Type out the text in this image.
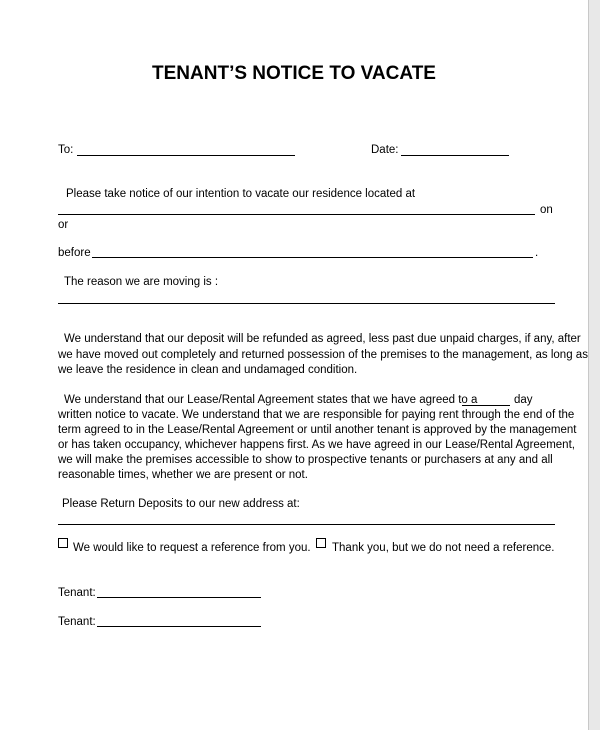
TENANT’S NOTICE TO VACATE
To:	Date:
Please take notice of our intention to vacate our residence located at
on
or
before	.
The reason we are moving is :
We understand that our deposit will be refunded as agreed, less past due unpaid charges, if any, after
we have moved out completely and returned possession of the premises to the management, as long as
we leave the residence in clean and undamaged condition.
We understand that our Lease/Rental Agreement states that we have agreed to a	day
written notice to vacate. We understand that we are responsible for paying rent through the end of the
term agreed to in the Lease/Rental Agreement or until another tenant is approved by the management
or has taken occupancy, whichever happens first. As we have agreed in our Lease/Rental Agreement,
we will make the premises accessible to show to prospective tenants or purchasers at any and all
reasonable times, whether we are present or not.
Please Return Deposits to our new address at:
We would like to request a reference from you. Thank you, but we do not need a reference.
Tenant:
Tenant:
